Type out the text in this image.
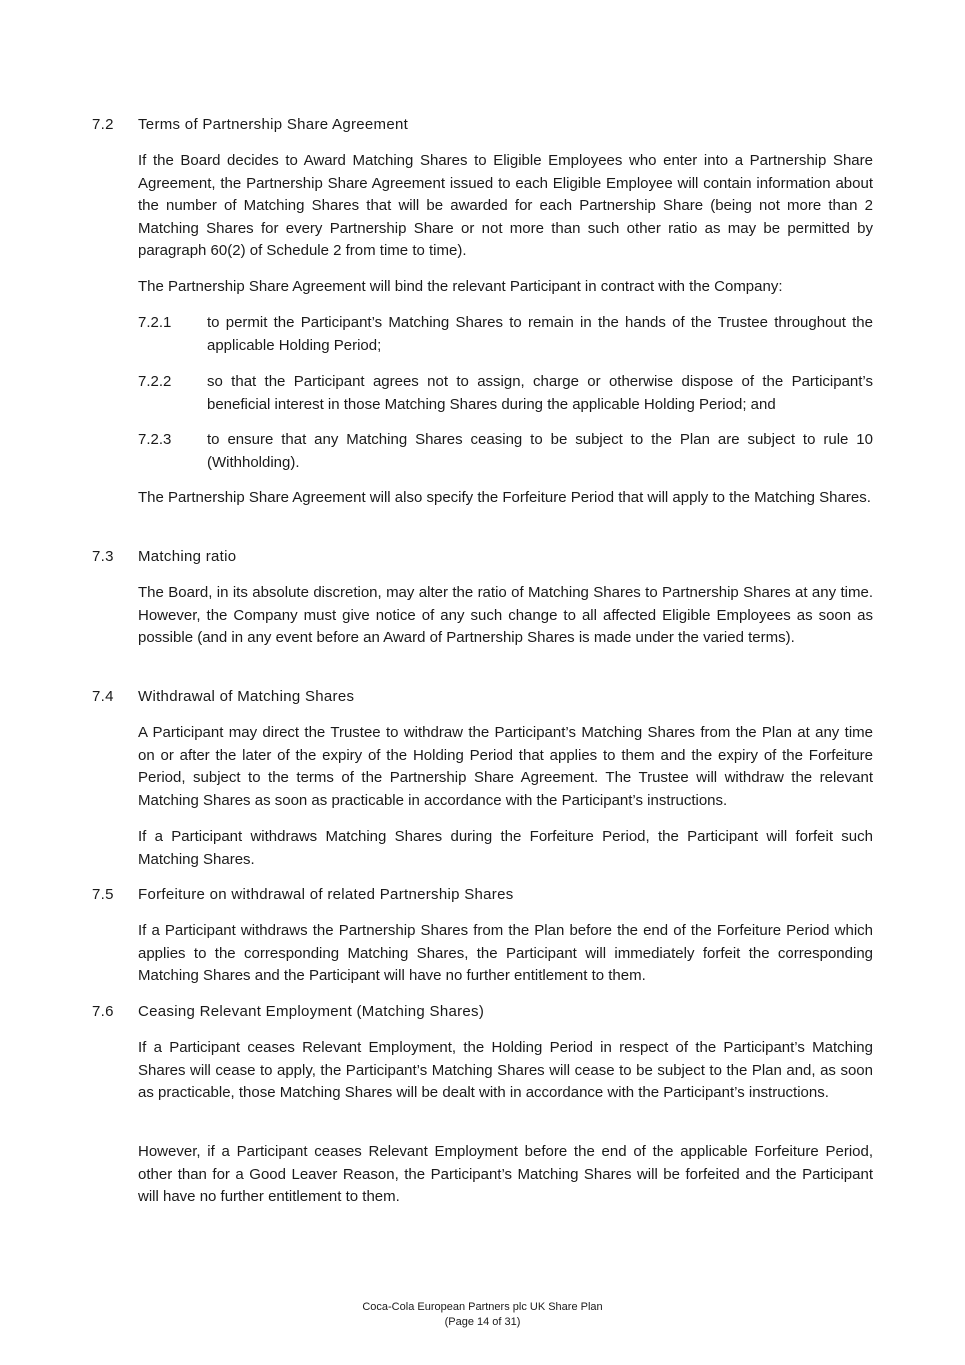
7.2 Terms of Partnership Share Agreement
If the Board decides to Award Matching Shares to Eligible Employees who enter into a Partnership Share Agreement, the Partnership Share Agreement issued to each Eligible Employee will contain information about the number of Matching Shares that will be awarded for each Partnership Share (being not more than 2 Matching Shares for every Partnership Share or not more than such other ratio as may be permitted by paragraph 60(2) of Schedule 2 from time to time).
The Partnership Share Agreement will bind the relevant Participant in contract with the Company:
7.2.1 to permit the Participant’s Matching Shares to remain in the hands of the Trustee throughout the applicable Holding Period;
7.2.2 so that the Participant agrees not to assign, charge or otherwise dispose of the Participant’s beneficial interest in those Matching Shares during the applicable Holding Period; and
7.2.3 to ensure that any Matching Shares ceasing to be subject to the Plan are subject to rule 10 (Withholding).
The Partnership Share Agreement will also specify the Forfeiture Period that will apply to the Matching Shares.
7.3 Matching ratio
The Board, in its absolute discretion, may alter the ratio of Matching Shares to Partnership Shares at any time. However, the Company must give notice of any such change to all affected Eligible Employees as soon as possible (and in any event before an Award of Partnership Shares is made under the varied terms).
7.4 Withdrawal of Matching Shares
A Participant may direct the Trustee to withdraw the Participant’s Matching Shares from the Plan at any time on or after the later of the expiry of the Holding Period that applies to them and the expiry of the Forfeiture Period, subject to the terms of the Partnership Share Agreement. The Trustee will withdraw the relevant Matching Shares as soon as practicable in accordance with the Participant’s instructions.
If a Participant withdraws Matching Shares during the Forfeiture Period, the Participant will forfeit such Matching Shares.
7.5 Forfeiture on withdrawal of related Partnership Shares
If a Participant withdraws the Partnership Shares from the Plan before the end of the Forfeiture Period which applies to the corresponding Matching Shares, the Participant will immediately forfeit the corresponding Matching Shares and the Participant will have no further entitlement to them.
7.6 Ceasing Relevant Employment (Matching Shares)
If a Participant ceases Relevant Employment, the Holding Period in respect of the Participant’s Matching Shares will cease to apply, the Participant’s Matching Shares will cease to be subject to the Plan and, as soon as practicable, those Matching Shares will be dealt with in accordance with the Participant’s instructions.
However, if a Participant ceases Relevant Employment before the end of the applicable Forfeiture Period, other than for a Good Leaver Reason, the Participant’s Matching Shares will be forfeited and the Participant will have no further entitlement to them.
Coca-Cola European Partners plc UK Share Plan
(Page 14 of 31)
